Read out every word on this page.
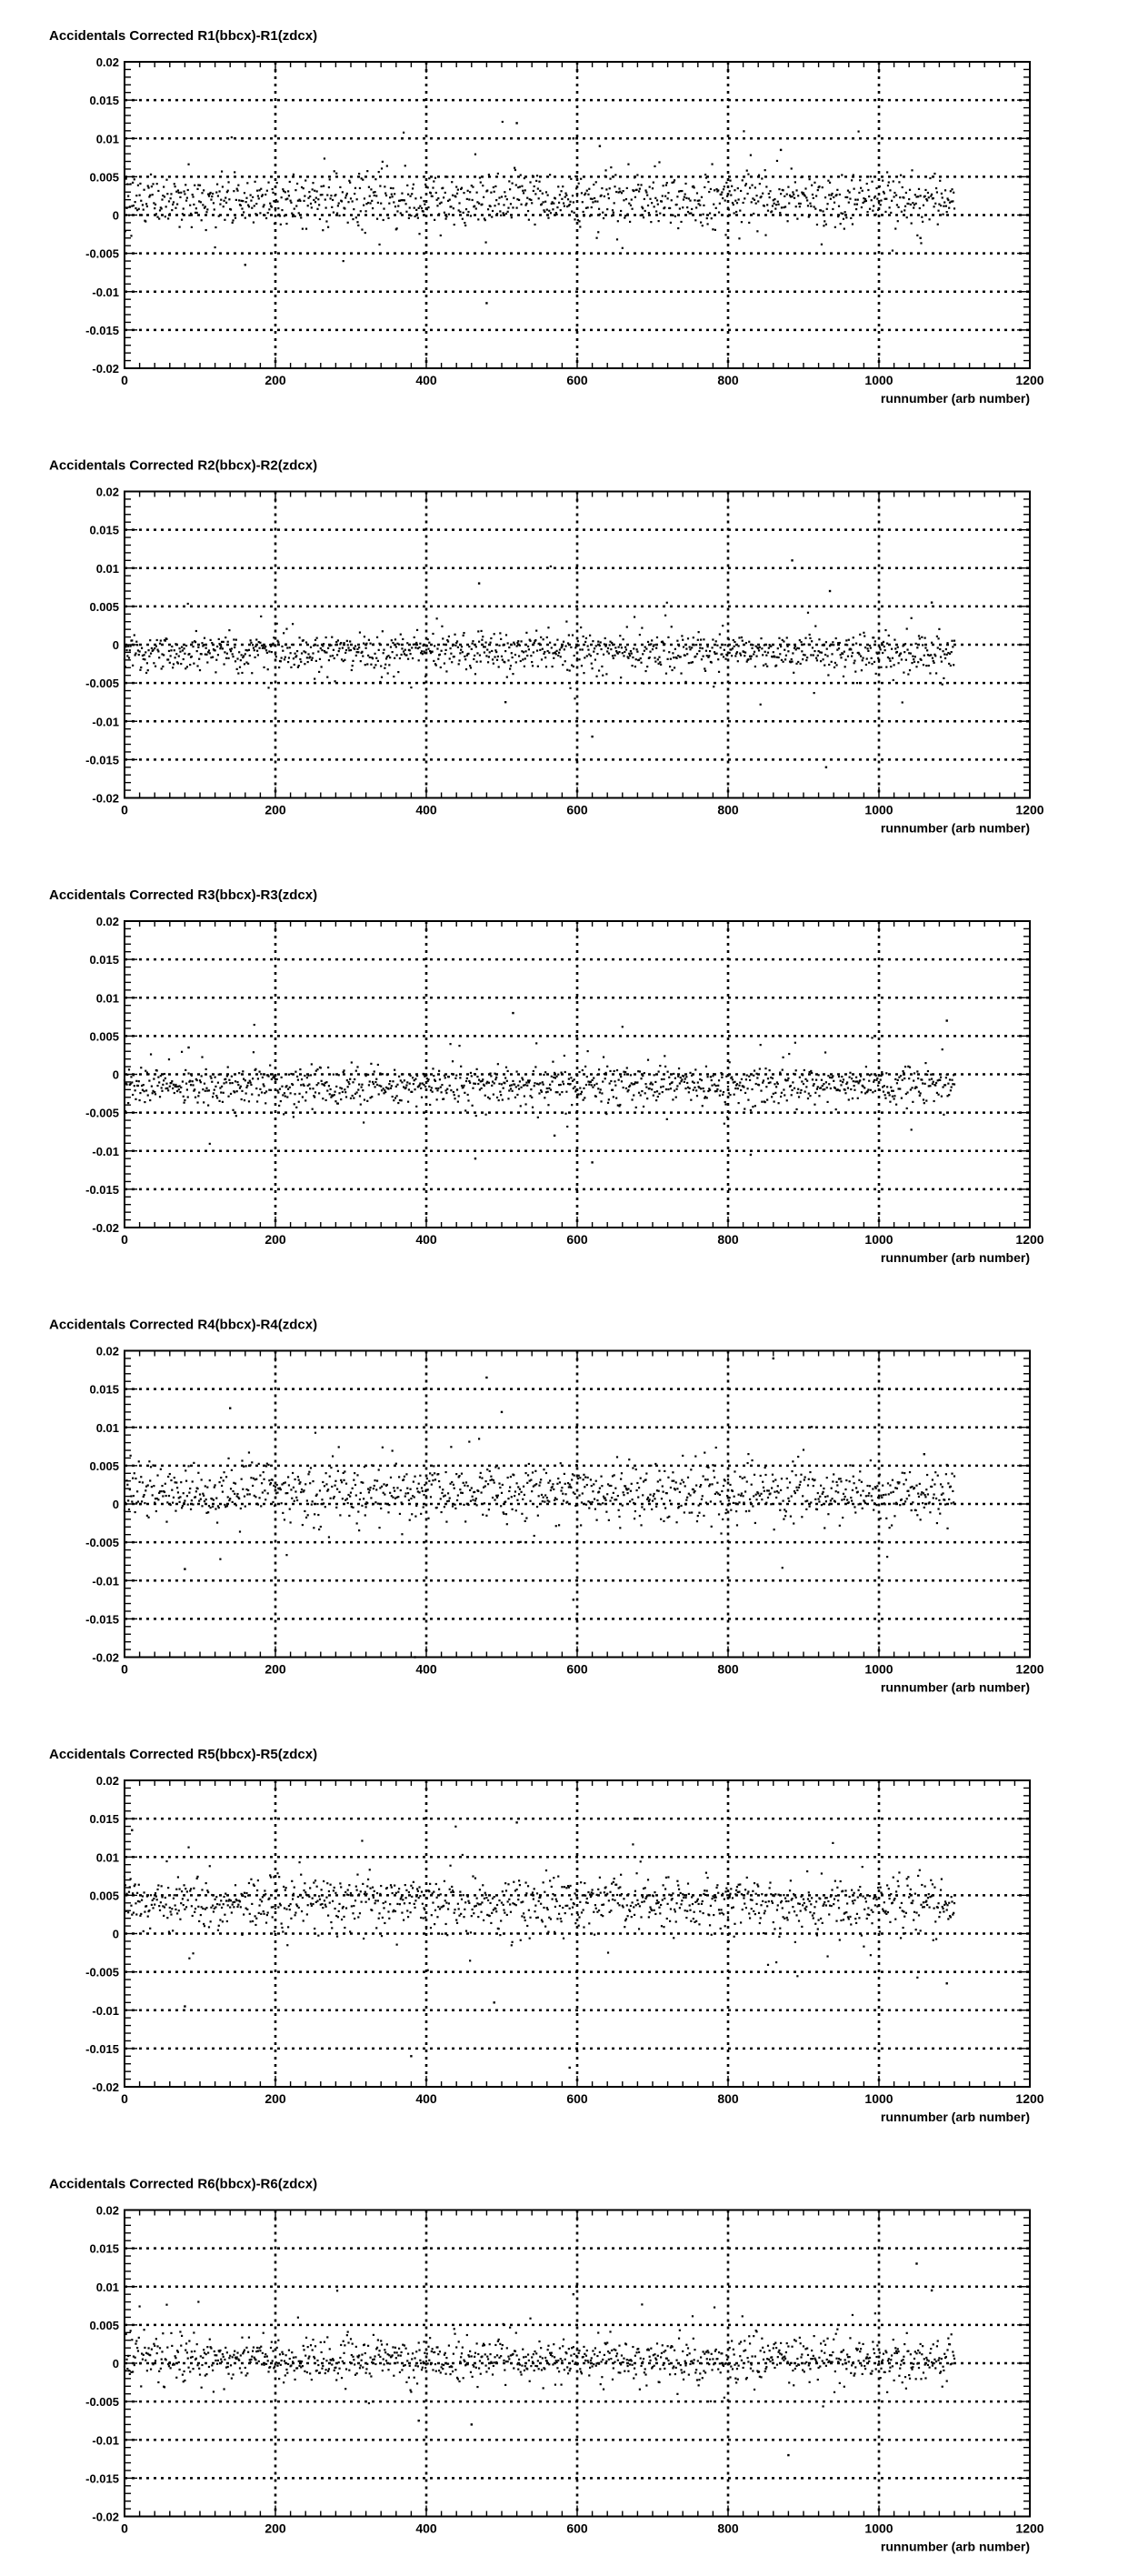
Accidentals Corrected R1(bbcx)-R1(zdcx)
0.02
0.015
0.01
0.005
0
-0.005
-0.01
-0.015
-0.02
0	200	400	600	800	1000	1200
runnumber (arb number)
Accidentals Corrected R2(bbcx)-R2(zdcx)
0.02
0.015
0.01
0.005
0
-0.005
-0.01
-0.015
-0.02
0	200	400	600	800	1000	1200
runnumber (arb number)
Accidentals Corrected R3(bbcx)-R3(zdcx)
0.02
0.015
0.01
0.005
0
-0.005
-0.01
-0.015
-0.02
0	200	400	600	800	1000	1200
runnumber (arb number)
Accidentals Corrected R4(bbcx)-R4(zdcx)
0.02
0.015
0.01
0.005
0
-0.005
-0.01
-0.015
-0.02
0	200	400	600	800	1000	1200
runnumber (arb number)
Accidentals Corrected R5(bbcx)-R5(zdcx)
0.02
0.015
0.01
0.005
0
-0.005
-0.01
-0.015
-0.02
0	200	400	600	800	1000	1200
runnumber (arb number)
Accidentals Corrected R6(bbcx)-R6(zdcx)
0.02
0.015
0.01
0.005
0
-0.005
-0.01
-0.015
-0.02
0	200	400	600	800	1000	1200
runnumber (arb number)
